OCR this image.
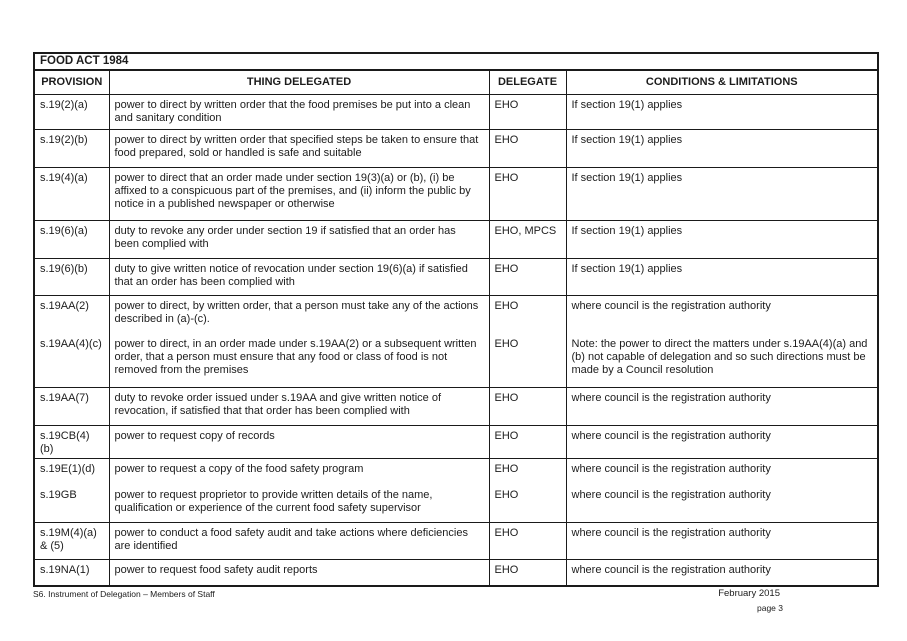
FOOD ACT 1984			
PROVISION	THING DELEGATED	DELEGATE	CONDITIONS & LIMITATIONS
s.19(2)(a)	power to direct by written order that the food premises be put into a clean and sanitary condition	EHO	If section 19(1) applies
s.19(2)(b)	power to direct by written order that specified steps be taken to ensure that food prepared, sold or handled is safe and suitable	EHO	If section 19(1) applies
s.19(4)(a)	power to direct that an order made under section 19(3)(a) or (b), (i) be affixed to a conspicuous part of the premises, and (ii) inform the public by notice in a published newspaper or otherwise	EHO	If section 19(1) applies
s.19(6)(a)	duty to revoke any order under section 19 if satisfied that an order has been complied with	EHO, MPCS	If section 19(1) applies
s.19(6)(b)	duty to give written notice of revocation under section 19(6)(a) if satisfied that an order has been complied with	EHO	If section 19(1) applies
s.19AA(2)	power to direct, by written order, that a person must take any of the actions described in (a)-(c).	EHO	where council is the registration authority
s.19AA(4)(c)	power to direct, in an order made under s.19AA(2) or a subsequent written order, that a person must ensure that any food or class of food is not removed from the premises	EHO	Note: the power to direct the matters under s.19AA(4)(a) and (b) not capable of delegation and so such directions must be made by a Council resolution
s.19AA(7)	duty to revoke order issued under s.19AA and give written notice of revocation, if satisfied that that order has been complied with	EHO	where council is the registration authority
s.19CB(4)(b)	power to request copy of records	EHO	where council is the registration authority
s.19E(1)(d)	power to request a copy of the food safety program	EHO	where council is the registration authority
s.19GB	power to request proprietor to provide written details of the name, qualification or experience of the current food safety supervisor	EHO	where council is the registration authority
s.19M(4)(a) & (5)	power to conduct a food safety audit and take actions where deficiencies are identified	EHO	where council is the registration authority
s.19NA(1)	power to request food safety audit reports	EHO	where council is the registration authority
S6. Instrument of Delegation – Members of Staff	February 2015
page 3
